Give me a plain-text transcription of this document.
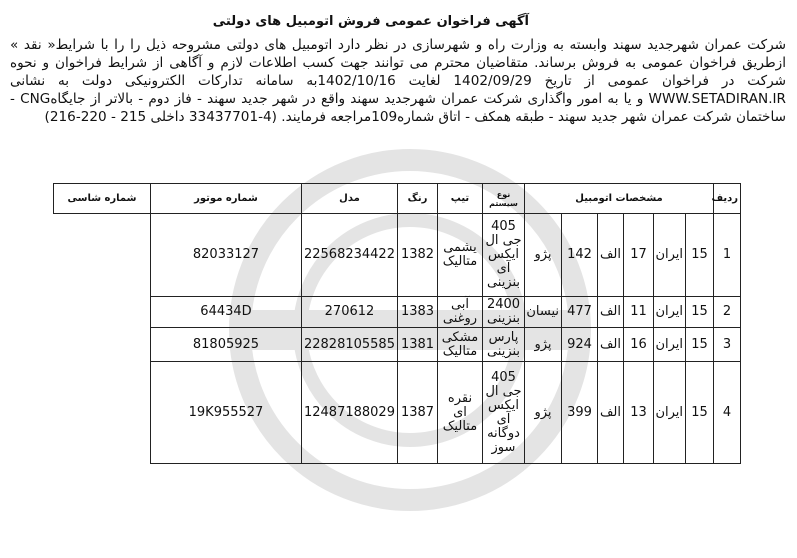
آگهی فراخوان عمومی فروش اتومبیل های دولتی
شرکت عمران شهرجدید سهند وابسته به وزارت راه و شهرسازی در نظر دارد اتومبیل های دولتی مشروحه ذیل را را با شرایط« نقد » ازطریق فراخوان عمومی به فروش برساند. متقاضیان محترم می توانند جهت کسب اطلاعات لازم و آگاهی از شرایط فراخوان و نحوه شرکت در فراخوان عمومی از تاریخ 1402/09/29 لغایت 1402/10/16به سامانه تدارکات الکترونیکی دولت به نشانی WWW.SETADIRAN.IR و یا به امور واگذاری شرکت عمران شهرجدید سهند واقع در شهر جدید سهند - فاز دوم - بالاتر از جایگاهCNG - ساختمان شرکت عمران شهر جدید سهند - طبقه همکف - اتاق شماره109مراجعه فرمایند. (4-33437701 داخلی 215 - 220-216)
ردیف	مشخصات اتومبیل						نوع سیستم	تیپ	رنگ	مدل	شماره موتور	شماره شاسی
1	15	ایران	17	الف	142	پژو	405 جی ال ایکس آی بنزینی	یشمی متالیک	1382	22568234422	82033127	
2	15	ایران	11	الف	477	نیسان	2400 بنزینی	آبی روغنی	1383	270612	64434D	
3	15	ایران	16	الف	924	پژو	پارس بنزینی	مشکی متالیک	1381	22828105585	81805925	
4	15	ایران	13	الف	399	پژو	405 جی ال ایکس آی دوگانه سوز	نقره ای متالیک	1387	12487188029	19K955527	
